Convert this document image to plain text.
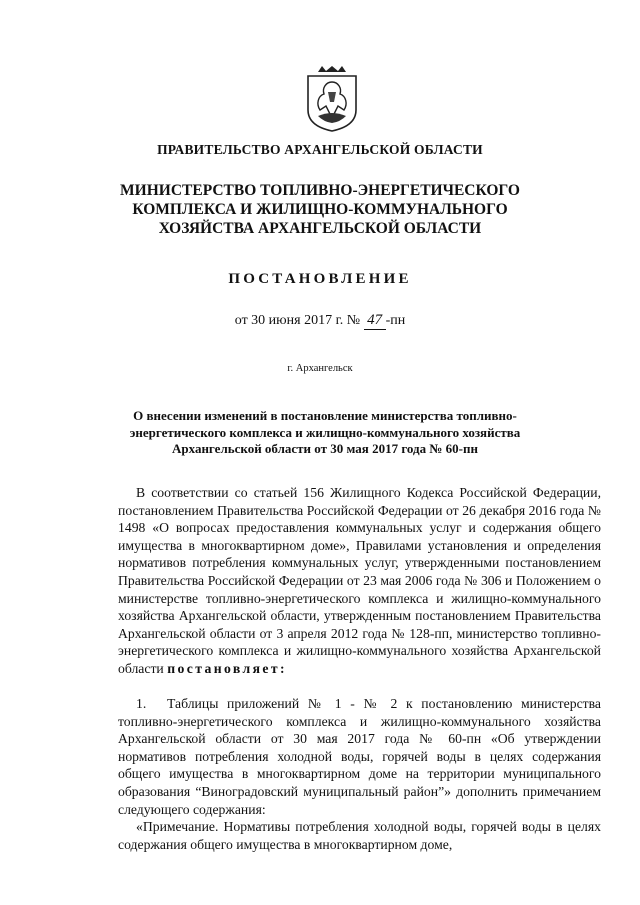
ПРАВИТЕЛЬСТВО АРХАНГЕЛЬСКОЙ ОБЛАСТИ
МИНИСТЕРСТВО ТОПЛИВНО-ЭНЕРГЕТИЧЕСКОГО
КОМПЛЕКСА И ЖИЛИЩНО-КОММУНАЛЬНОГО
ХОЗЯЙСТВА АРХАНГЕЛЬСКОЙ ОБЛАСТИ
ПОСТАНОВЛЕНИЕ
от 30 июня 2017 г. № 47 -пн
г. Архангельск
О внесении изменений в постановление министерства топливно-
энергетического комплекса и жилищно-коммунального хозяйства
Архангельской области от 30 мая 2017 года № 60-пн
В соответствии со статьей 156 Жилищного Кодекса Российской Федерации, постановлением Правительства Российской Федерации от 26 декабря 2016 года № 1498 «О вопросах предоставления коммунальных услуг и содержания общего имущества в многоквартирном доме», Правилами установления и определения нормативов потребления коммунальных услуг, утвержденными постановлением Правительства Российской Федерации от 23 мая 2006 года № 306 и Положением о министерстве топливно-энергетического комплекса и жилищно-коммунального хозяйства Архангельской области, утвержденным постановлением Правительства Архангельской области от 3 апреля 2012 года № 128-пп, министерство топливно-энергетического комплекса и жилищно-коммунального хозяйства Архангельской области постановляет:
1. Таблицы приложений № 1 - № 2 к постановлению министерства топливно-энергетического комплекса и жилищно-коммунального хозяйства Архангельской области от 30 мая 2017 года № 60-пн «Об утверждении нормативов потребления холодной воды, горячей воды в целях содержания общего имущества в многоквартирном доме на территории муниципального образования “Виноградовский муниципальный район”» дополнить примечанием следующего содержания:
«Примечание. Нормативы потребления холодной воды, горячей воды в целях содержания общего имущества в многоквартирном доме,
